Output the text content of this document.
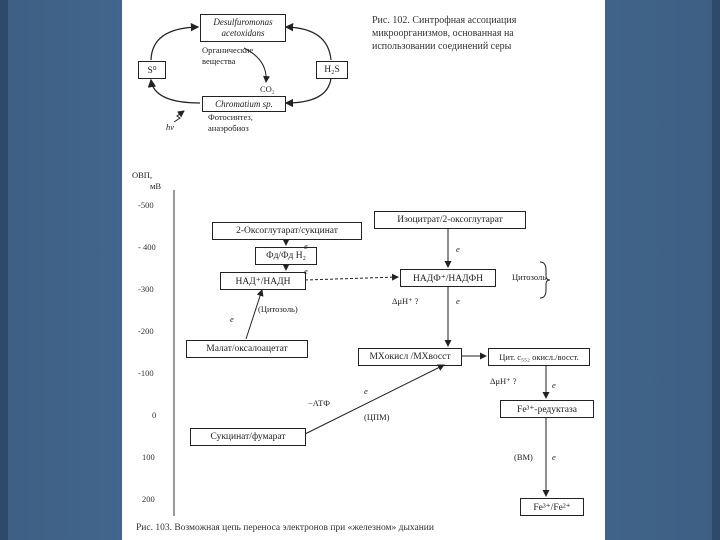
Desulfuromonas
acetoxidans
Органические
вещества
S⁰	H₂S
CO₂
Chromatium sp.
hν
Фотосинтез,
анаэробиоз
Рис. 102. Синтрофная ассоциация
микроорганизмов, основанная на
использовании соединений серы
ОВП,
мВ
-500
- 400
-300
-200
-100
0
100
200
Изоцитрат/2-оксоглутарат
2-Оксоглутарат/сукцинат
Фд/Фд H₂
НАД⁺/НАДН	НАДФ⁺/НАДФН	Цитозоль
(Цитозоль)
ΔμH⁺ ?
e
e
e
e
e
e
e
e
Малат/оксалоацетат
MXокисл /MXвосст	Цит. c₅₅₂ окисл./восст.
ΔμH⁺ ?
−АТФ
(ЦПМ)
Fe³⁺-редуктаза
Сукцинат/фумарат
(ВМ)
Fe³⁺/Fe²⁺
Рис. 103. Возможная цепь переноса электронов при «железном» дыхании
